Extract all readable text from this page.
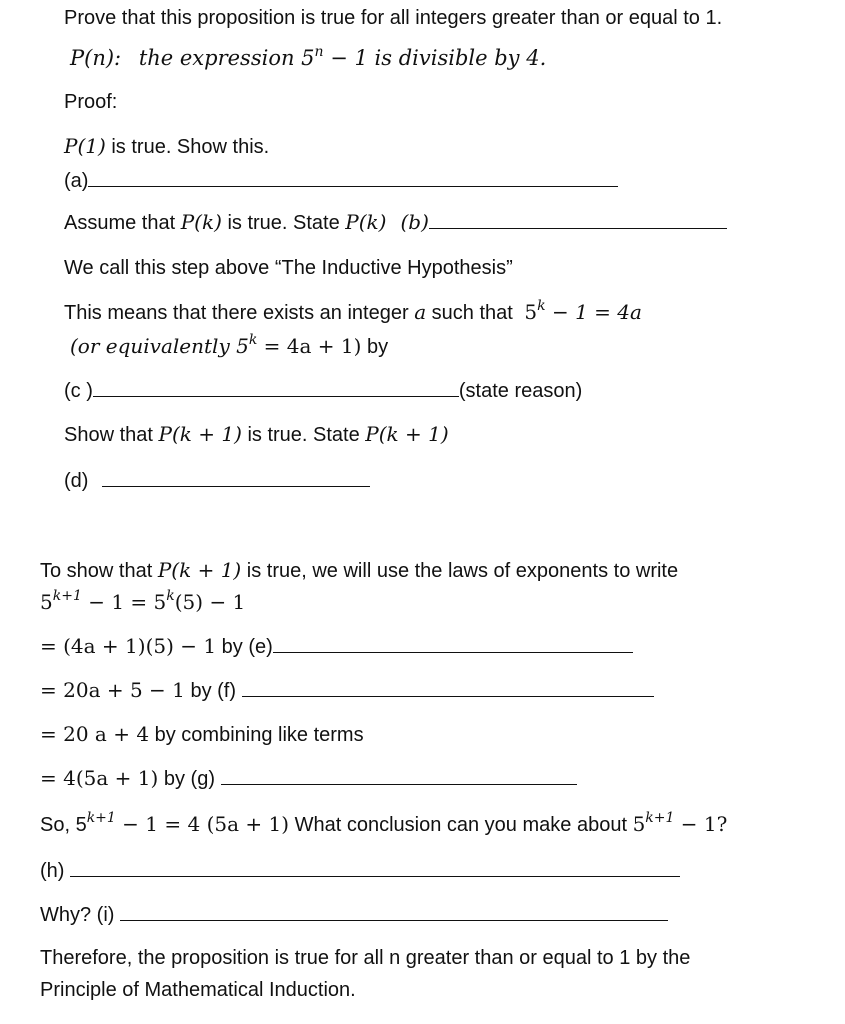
Prove that this proposition is true for all integers greater than or equal to 1.
P(n): the expression $5^n - 1$ is divisible by 4.
Proof:
P(1) is true. Show this.
(a)
Assume that P(k) is true. State P(k) (b)
We call this step above “The Inductive Hypothesis”
This means that there exists an integer a such that $5^k - 1 = 4a$
(or equivalently $5^k = 4a + 1$) by
(c )	(state reason)
Show that P(k + 1) is true. State P(k + 1)
(d)
To show that P(k + 1) is true, we will use the laws of exponents to write
$5^{k+1} - 1 = 5^k(5) - 1$
= (4a + 1)(5) − 1 by (e)
= 20a + 5 − 1 by (f)
= 20 a + 4 by combining like terms
= 4(5a + 1) by (g)
So, $5^{k+1} - 1 = 4$ (5a + 1) What conclusion can you make about $5^{k+1} - 1$?
(h)
Why? (i)
Therefore, the proposition is true for all n greater than or equal to 1 by the
Principle of Mathematical Induction.
